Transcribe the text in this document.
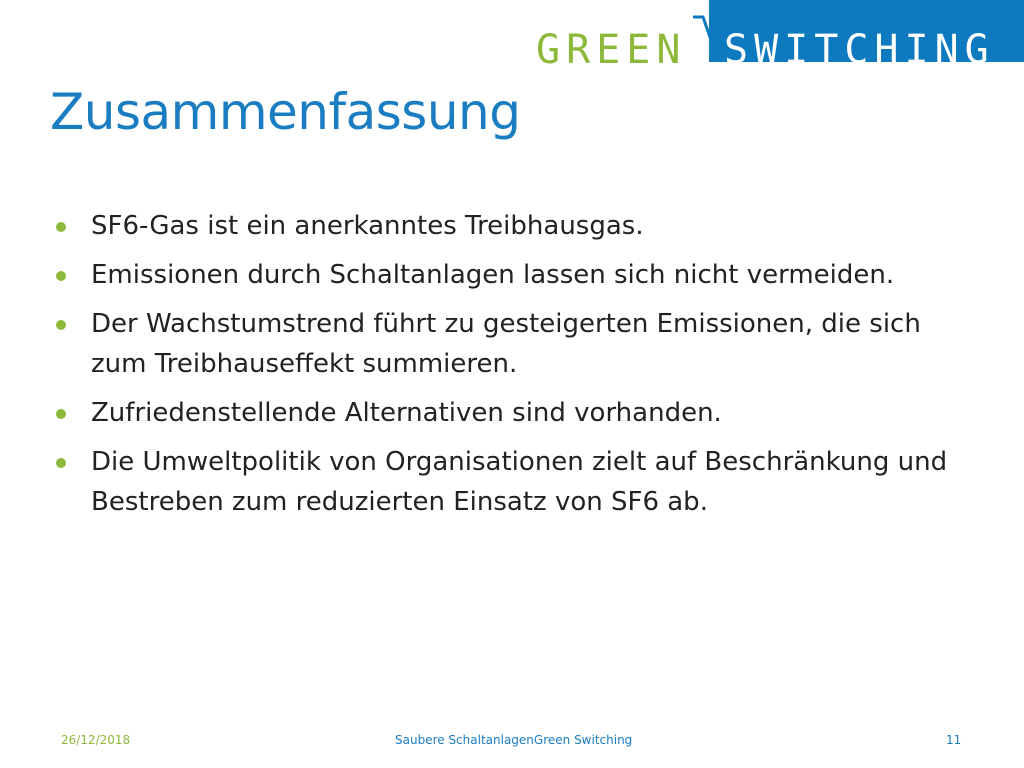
GREEN SWITCHING
Zusammenfassung
SF6-Gas ist ein anerkanntes Treibhausgas.
Emissionen durch Schaltanlagen lassen sich nicht vermeiden.
Der Wachstumstrend führt zu gesteigerten Emissionen, die sich
zum Treibhauseffekt summieren.
Zufriedenstellende Alternativen sind vorhanden.
Die Umweltpolitik von Organisationen zielt auf Beschränkung und
Bestreben zum reduzierten Einsatz von SF6 ab.
26/12/2018	Saubere SchaltanlagenGreen Switching	11
